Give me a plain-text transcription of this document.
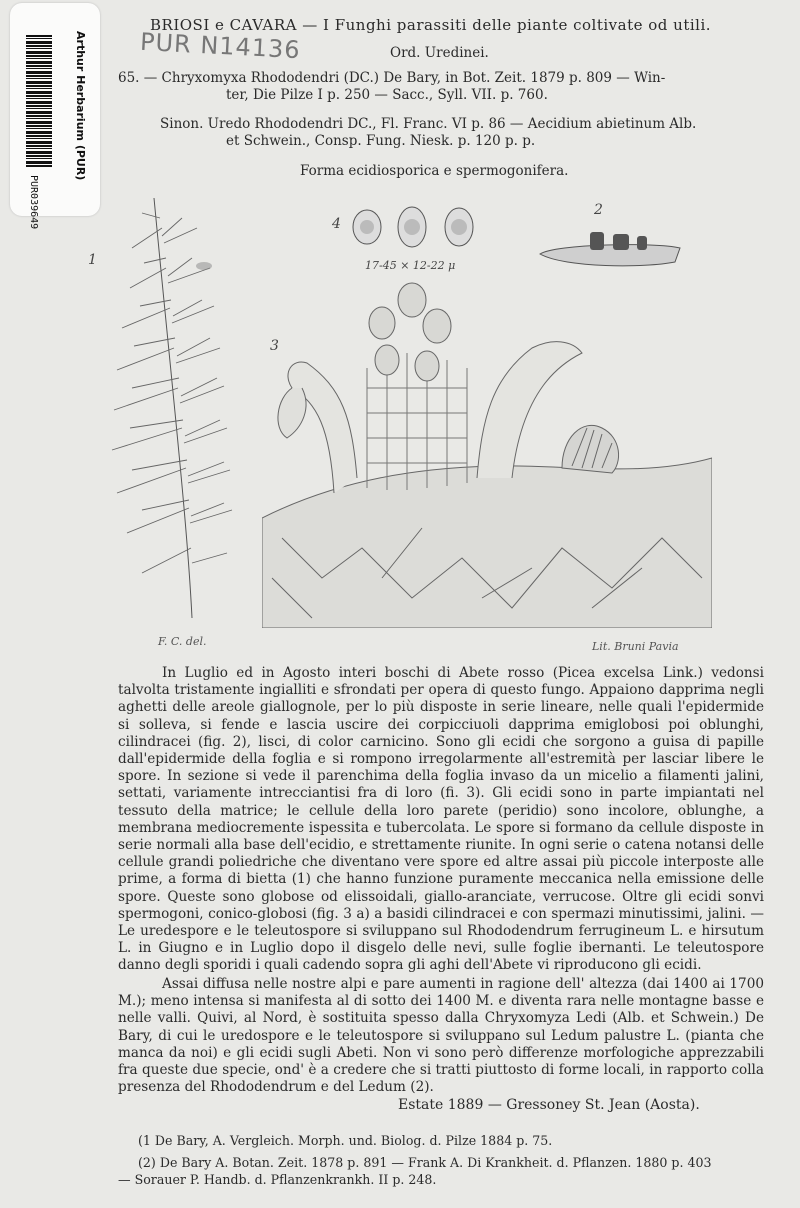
Arthur Herbarium (PUR)
PUR039649
PUR N14136
BRIOSI e CAVARA — I Funghi parassiti delle piante coltivate od utili.
Ord. Uredinei.
65. — Chryxomyxa Rhododendri (DC.) De Bary, in Bot. Zeit. 1879 p. 809 — Win-
ter, Die Pilze I p. 250 — Sacc., Syll. VII. p. 760.
Sinon. Uredo Rhododendri DC., Fl. Franc. VI p. 86 — Aecidium abietinum Alb.
et Schwein., Consp. Fung. Niesk. p. 120 p. p.
Forma ecidiosporica e spermogonifera.
1
4
17-45 × 12-22 μ
2
3
F. C. del.	Lit. Bruni Pavia

In Luglio ed in Agosto interi boschi di Abete rosso (Picea excelsa Link.) vedonsi talvolta tristamente ingialliti e sfrondati per opera di questo fungo. Appaiono dapprima negli aghetti delle areole giallognole, per lo più disposte in serie lineare, nelle quali l'epidermide si solleva, si fende e lascia uscire dei corpicciuoli dapprima emiglobosi poi oblunghi, cilindracei (fig. 2), lisci, di color carnicino. Sono gli ecidi che sorgono a guisa di papille dall'epidermide della foglia e si rompono irregolarmente all'estremità per lasciar libere le spore. In sezione si vede il parenchima della foglia invaso da un micelio a filamenti jalini, settati, variamente intrecciantisi fra di loro (fi. 3). Gli ecidi sono in parte impiantati nel tessuto della matrice; le cellule della loro parete (peridio) sono incolore, oblunghe, a membrana mediocremente ispessita e tubercolata. Le spore si formano da cellule disposte in serie normali alla base dell'ecidio, e strettamente riunite. In ogni serie o catena notansi delle cellule grandi poliedriche che diventano vere spore ed altre assai più piccole interposte alle prime, a forma di bietta (1) che hanno funzione puramente meccanica nella emissione delle spore. Queste sono globose od elissoidali, giallo-aranciate, verrucose. Oltre gli ecidi sonvi spermogoni, conico-globosi (fig. 3 a) a basidi cilindracei e con spermazi minutissimi, jalini. — Le uredespore e le teleutospore si sviluppano sul Rhododendrum ferrugineum L. e hirsutum L. in Giugno e in Luglio dopo il disgelo delle nevi, sulle foglie ibernanti. Le teleutospore danno degli sporidi i quali cadendo sopra gli aghi dell'Abete vi riproducono gli ecidi.

Assai diffusa nelle nostre alpi e pare aumenti in ragione dell' altezza (dai 1400 ai 1700 M.); meno intensa si manifesta al di sotto dei 1400 M. e diventa rara nelle montagne basse e nelle valli. Quivi, al Nord, è sostituita spesso dalla Chryxomyza Ledi (Alb. et Schwein.) De Bary, di cui le uredospore e le teleutospore si sviluppano sul Ledum palustre L. (pianta che manca da noi) e gli ecidi sugli Abeti. Non vi sono però differenze morfologiche apprezzabili fra queste due specie, ond' è a credere che si tratti piuttosto di forme locali, in rapporto colla presenza del Rhododendrum e del Ledum (2).

Estate 1889 — Gressoney St. Jean (Aosta).
(1 De Bary, A. Vergleich. Morph. und. Biolog. d. Pilze 1884 p. 75.
(2) De Bary A. Botan. Zeit. 1878 p. 891 — Frank A. Di Krankheit. d. Pflanzen. 1880 p. 403
— Sorauer P. Handb. d. Pflanzenkrankh. II p. 248.
